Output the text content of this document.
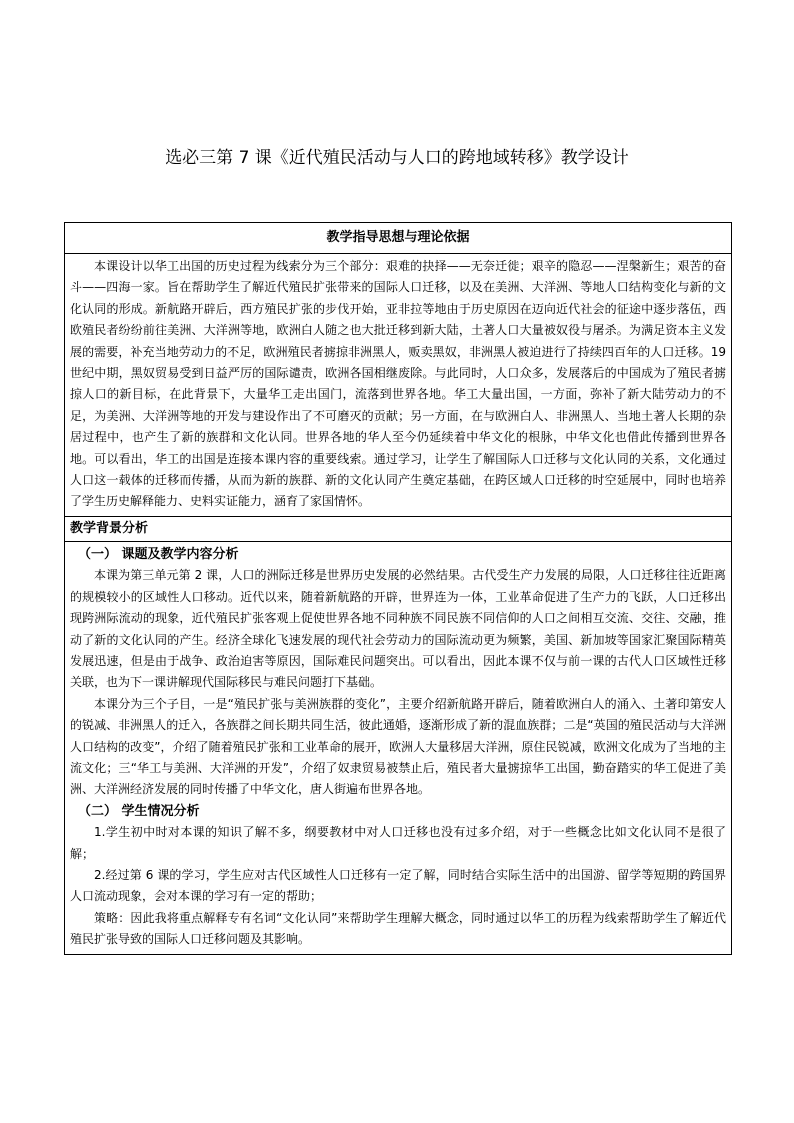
选必三第 7 课《近代殖民活动与人口的跨地域转移》教学设计
教学指导思想与理论依据

本课设计以华工出国的历史过程为线索分为三个部分：艰难的抉择——无奈迁徙；艰辛的隐忍——涅槃新生；艰苦的奋斗——四海一家。旨在帮助学生了解近代殖民扩张带来的国际人口迁移，以及在美洲、大洋洲、等地人口结构变化与新的文化认同的形成。新航路开辟后，西方殖民扩张的步伐开始，亚非拉等地由于历史原因在迈向近代社会的征途中逐步落伍，西欧殖民者纷纷前往美洲、大洋洲等地，欧洲白人随之也大批迁移到新大陆，土著人口大量被奴役与屠杀。为满足资本主义发展的需要，补充当地劳动力的不足，欧洲殖民者掳掠非洲黑人，贩卖黑奴，非洲黑人被迫进行了持续四百年的人口迁移。19 世纪中期，黑奴贸易受到日益严厉的国际谴责，欧洲各国相继废除。与此同时，人口众多，发展落后的中国成为了殖民者掳掠人口的新目标，在此背景下，大量华工走出国门，流落到世界各地。华工大量出国，一方面，弥补了新大陆劳动力的不足，为美洲、大洋洲等地的开发与建设作出了不可磨灭的贡献；另一方面，在与欧洲白人、非洲黑人、当地土著人长期的杂居过程中，也产生了新的族群和文化认同。世界各地的华人至今仍延续着中华文化的根脉，中华文化也借此传播到世界各地。可以看出，华工的出国是连接本课内容的重要线索。通过学习，让学生了解国际人口迁移与文化认同的关系，文化通过人口这一载体的迁移而传播，从而为新的族群、新的文化认同产生奠定基础，在跨区域人口迁移的时空延展中，同时也培养了学生历史解释能力、史料实证能力，涵育了家国情怀。

教学背景分析

（一） 课题及教学内容分析

本课为第三单元第 2 课，人口的洲际迁移是世界历史发展的必然结果。古代受生产力发展的局限，人口迁移往往近距离的规模较小的区域性人口移动。近代以来，随着新航路的开辟，世界连为一体，工业革命促进了生产力的飞跃，人口迁移出现跨洲际流动的现象，近代殖民扩张客观上促使世界各地不同种族不同民族不同信仰的人口之间相互交流、交往、交融，推动了新的文化认同的产生。经济全球化飞速发展的现代社会劳动力的国际流动更为频繁，美国、新加坡等国家汇聚国际精英发展迅速，但是由于战争、政治迫害等原因，国际难民问题突出。可以看出，因此本课不仅与前一课的古代人口区域性迁移关联，也为下一课讲解现代国际移民与难民问题打下基础。

本课分为三个子目，一是“殖民扩张与美洲族群的变化”，主要介绍新航路开辟后，随着欧洲白人的涌入、土著印第安人的锐减、非洲黑人的迁入，各族群之间长期共同生活，彼此通婚，逐渐形成了新的混血族群；二是“英国的殖民活动与大洋洲人口结构的改变”，介绍了随着殖民扩张和工业革命的展开，欧洲人大量移居大洋洲，原住民锐减，欧洲文化成为了当地的主流文化；三“华工与美洲、大洋洲的开发”，介绍了奴隶贸易被禁止后，殖民者大量掳掠华工出国，勤奋踏实的华工促进了美洲、大洋洲经济发展的同时传播了中华文化，唐人街遍布世界各地。

（二） 学生情况分析

1.学生初中时对本课的知识了解不多，纲要教材中对人口迁移也没有过多介绍，对于一些概念比如文化认同不是很了解；

2.经过第 6 课的学习，学生应对古代区域性人口迁移有一定了解，同时结合实际生活中的出国游、留学等短期的跨国界人口流动现象，会对本课的学习有一定的帮助；

策略：因此我将重点解释专有名词“文化认同”来帮助学生理解大概念，同时通过以华工的历程为线索帮助学生了解近代殖民扩张导致的国际人口迁移问题及其影响。
